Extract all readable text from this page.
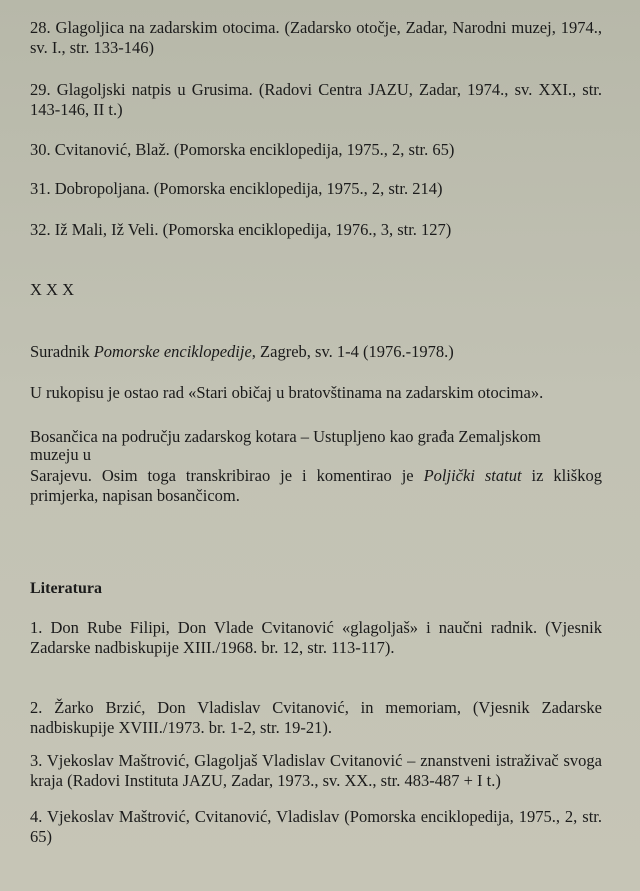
28. Glagoljica na zadarskim otocima. (Zadarsko otočje, Zadar, Narodni muzej, 1974., sv. I., str. 133-146)
29. Glagoljski natpis u Grusima. (Radovi Centra JAZU, Zadar, 1974., sv. XXI., str. 143-146, II t.)
30. Cvitanović, Blaž. (Pomorska enciklopedija, 1975., 2, str. 65)
31. Dobropoljana. (Pomorska enciklopedija, 1975., 2, str. 214)
32. Iž Mali, Iž Veli. (Pomorska enciklopedija, 1976., 3, str. 127)
X X X
Suradnik Pomorske enciklopedije, Zagreb, sv. 1-4 (1976.-1978.)
U rukopisu je ostao rad «Stari običaj u bratovštinama na zadarskim otocima».
Bosančica na području zadarskog kotara – Ustupljeno kao građa Zemaljskom
muzeju u
Sarajevu. Osim toga transkribirao je i komentirao je Poljički statut iz kliškog primjerka, napisan bosančicom.
Literatura
1. Don Rube Filipi, Don Vlade Cvitanović «glagoljaš» i naučni radnik. (Vjesnik Zadarske nadbiskupije XIII./1968. br. 12, str. 113-117).
2. Žarko Brzić, Don Vladislav Cvitanović, in memoriam, (Vjesnik Zadarske nadbiskupije XVIII./1973. br. 1-2, str. 19-21).
3. Vjekoslav Maštrović, Glagoljaš Vladislav Cvitanović – znanstveni istraživač svoga kraja (Radovi Instituta JAZU, Zadar, 1973., sv. XX., str. 483-487 + I t.)
4. Vjekoslav Maštrović, Cvitanović, Vladislav (Pomorska enciklopedija, 1975., 2, str. 65)
